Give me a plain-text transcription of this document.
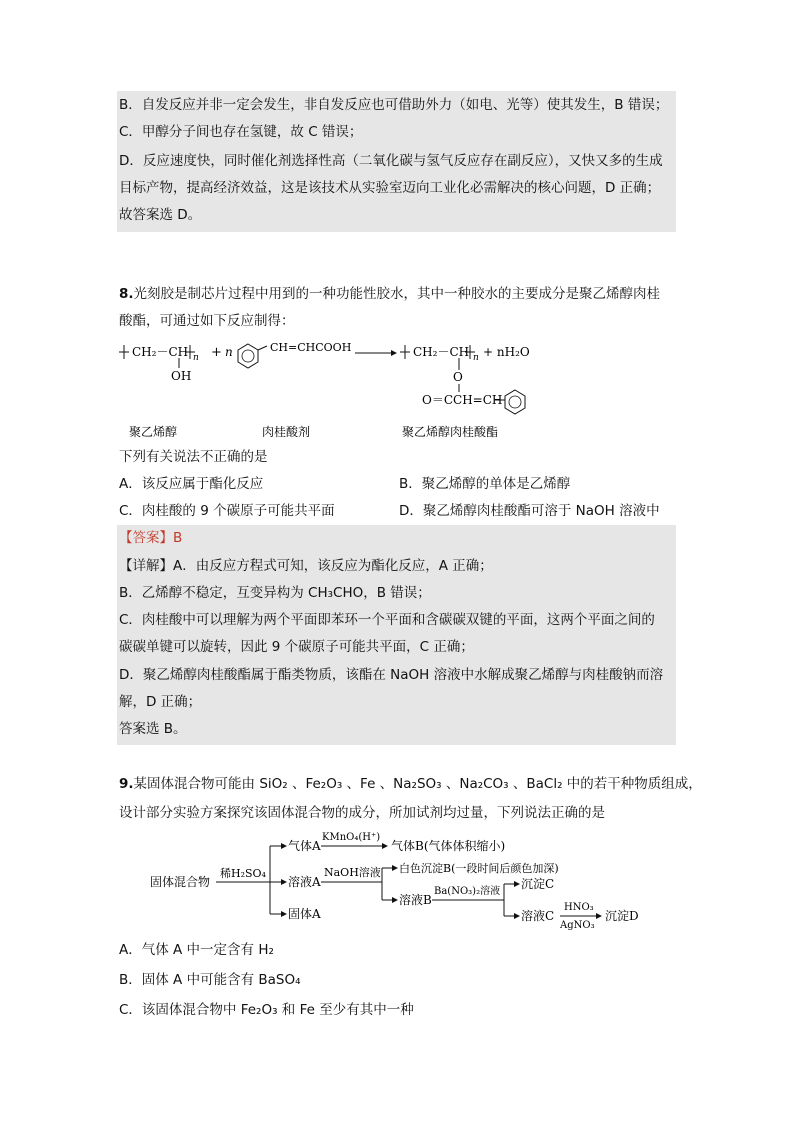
B．自发反应并非一定会发生，非自发反应也可借助外力（如电、光等）使其发生，B 错误；
C．甲醇分子间也存在氢键，故 C 错误；
D．反应速度快，同时催化剂选择性高（二氧化碳与氢气反应存在副反应），又快又多的生成
目标产物，提高经济效益，这是该技术从实验室迈向工业化必需解决的核心问题，D 正确；
故答案选 D。
8.光刻胶是制芯片过程中用到的一种功能性胶水，其中一种胶水的主要成分是聚乙烯醇肉桂
酸酯，可通过如下反应制得：
CH₂－CH n
OH
+ n	CH=CHCOOH	CH₂－CH n + nH₂O
O
O＝CCH=CH
聚乙烯醇	肉桂酸剂	聚乙烯醇肉桂酸酯
下列有关说法不正确的是
A．该反应属于酯化反应	B．聚乙烯醇的单体是乙烯醇
C．肉桂酸的 9 个碳原子可能共平面	D．聚乙烯醇肉桂酸酯可溶于 NaOH 溶液中
【答案】B
【详解】A．由反应方程式可知，该反应为酯化反应，A 正确；
B．乙烯醇不稳定，互变异构为 CH₃CHO，B 错误；
C．肉桂酸中可以理解为两个平面即苯环一个平面和含碳碳双键的平面，这两个平面之间的
碳碳单键可以旋转，因此 9 个碳原子可能共平面，C 正确；
D．聚乙烯醇肉桂酸酯属于酯类物质，该酯在 NaOH 溶液中水解成聚乙烯醇与肉桂酸钠而溶
解，D 正确；
答案选 B。
9.某固体混合物可能由 SiO₂ 、Fe₂O₃ 、Fe 、Na₂SO₃ 、Na₂CO₃ 、BaCl₂ 中的若干种物质组成，
设计部分实验方案探究该固体混合物的成分，所加试剂均过量，下列说法正确的是
固体混合物
稀H₂SO₄
气体A
KMnO₄(H⁺)
气体B(气体体积缩小)
溶液A
NaOH溶液 白色沉淀B(一段时间后颜色加深)
溶液B
Ba(NO₃)₂溶液
沉淀C
溶液C
HNO₃
AgNO₃
沉淀D
固体A
A．气体 A 中一定含有 H₂
B．固体 A 中可能含有 BaSO₄
C．该固体混合物中 Fe₂O₃ 和 Fe 至少有其中一种
